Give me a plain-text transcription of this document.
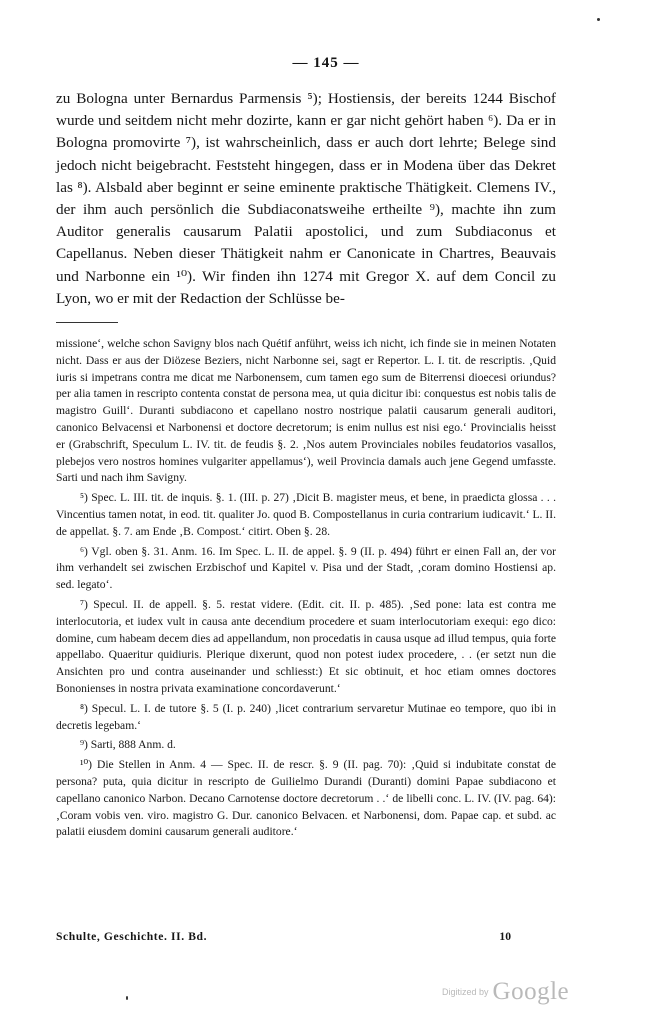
— 145 —

zu Bologna unter Bernardus Parmensis ⁵); Hostiensis, der bereits 1244 Bischof wurde und seitdem nicht mehr dozirte, kann er gar nicht gehört haben ⁶). Da er in Bologna promovirte ⁷), ist wahrscheinlich, dass er auch dort lehrte; Belege sind jedoch nicht beigebracht. Feststeht hingegen, dass er in Modena über das Dekret las ⁸). Alsbald aber beginnt er seine eminente praktische Thätigkeit. Clemens IV., der ihm auch persönlich die Subdiaconatsweihe ertheilte ⁹), machte ihn zum Auditor generalis causarum Palatii apostolici, und zum Subdiaconus et Capellanus. Neben dieser Thätigkeit nahm er Canonicate in Chartres, Beauvais und Narbonne ein ¹⁰). Wir finden ihn 1274 mit Gregor X. auf dem Concil zu Lyon, wo er mit der Redaction der Schlüsse be-

missione‘, welche schon Savigny blos nach Quétif anführt, weiss ich nicht, ich finde sie in meinen Notaten nicht. Dass er aus der Diözese Beziers, nicht Narbonne sei, sagt er Repertor. L. I. tit. de rescriptis. ‚Quid iuris si impetrans contra me dicat me Narbonensem, cum tamen ego sum de Biterrensi dioecesi oriundus? per alia tamen in rescripto contenta constat de persona mea, ut quia dicitur ibi: conquestus est nobis talis de magistro Guill‘. Duranti subdiacono et capellano nostro nostrique palatii causarum generali auditori, canonico Belvacensi et Narbonensi et doctore decretorum; is enim nullus est nisi ego.‘ Provincialis heisst er (Grabschrift, Speculum L. IV. tit. de feudis §. 2. ‚Nos autem Provinciales nobiles feudatorios vasallos, plebejos vero nostros homines vulgariter appellamus‘), weil Provincia damals auch jene Gegend umfasste. Sarti und nach ihm Savigny.

⁵) Spec. L. III. tit. de inquis. §. 1. (III. p. 27) ‚Dicit B. magister meus, et bene, in praedicta glossa . . . Vincentius tamen notat, in eod. tit. qualiter Jo. quod B. Compostellanus in curia contrarium iudicavit.‘ L. II. de appellat. §. 7. am Ende ‚B. Compost.‘ citirt. Oben §. 28.

⁶) Vgl. oben §. 31. Anm. 16. Im Spec. L. II. de appel. §. 9 (II. p. 494) führt er einen Fall an, der vor ihm verhandelt sei zwischen Erzbischof und Kapitel v. Pisa und der Stadt, ‚coram domino Hostiensi ap. sed. legato‘.

⁷) Specul. II. de appell. §. 5. restat videre. (Edit. cit. II. p. 485). ‚Sed pone: lata est contra me interlocutoria, et iudex vult in causa ante decendium procedere et suam interlocutoriam exequi: ego dico: domine, cum habeam decem dies ad appellandum, non procedatis in causa usque ad illud tempus, quia forte appellabo. Quaeritur quidiuris. Plerique dixerunt, quod non potest iudex procedere, . . (er setzt nun die Ansichten pro und contra auseinander und schliesst:) Et sic obtinuit, et hoc etiam omnes doctores Bononienses in nostra privata examinatione concordaverunt.‘

⁸) Specul. L. I. de tutore §. 5 (I. p. 240) ‚licet contrarium servaretur Mutinae eo tempore, quo ibi in decretis legebam.‘

⁹) Sarti, 888 Anm. d.

¹⁰) Die Stellen in Anm. 4 — Spec. II. de rescr. §. 9 (II. pag. 70): ‚Quid si indubitate constat de persona? puta, quia dicitur in rescripto de Guilielmo Durandi (Duranti) domini Papae subdiacono et capellano canonico Narbon. Decano Carnotense doctore decretorum . .‘ de libelli conc. L. IV. (IV. pag. 64): ‚Coram vobis ven. viro. magistro G. Dur. canonico Belvacen. et Narbonensi, dom. Papae cap. et subd. ac palatii eiusdem domini causarum generali auditore.‘

Schulte, Geschichte. II. Bd.	10
Digitized by Google
